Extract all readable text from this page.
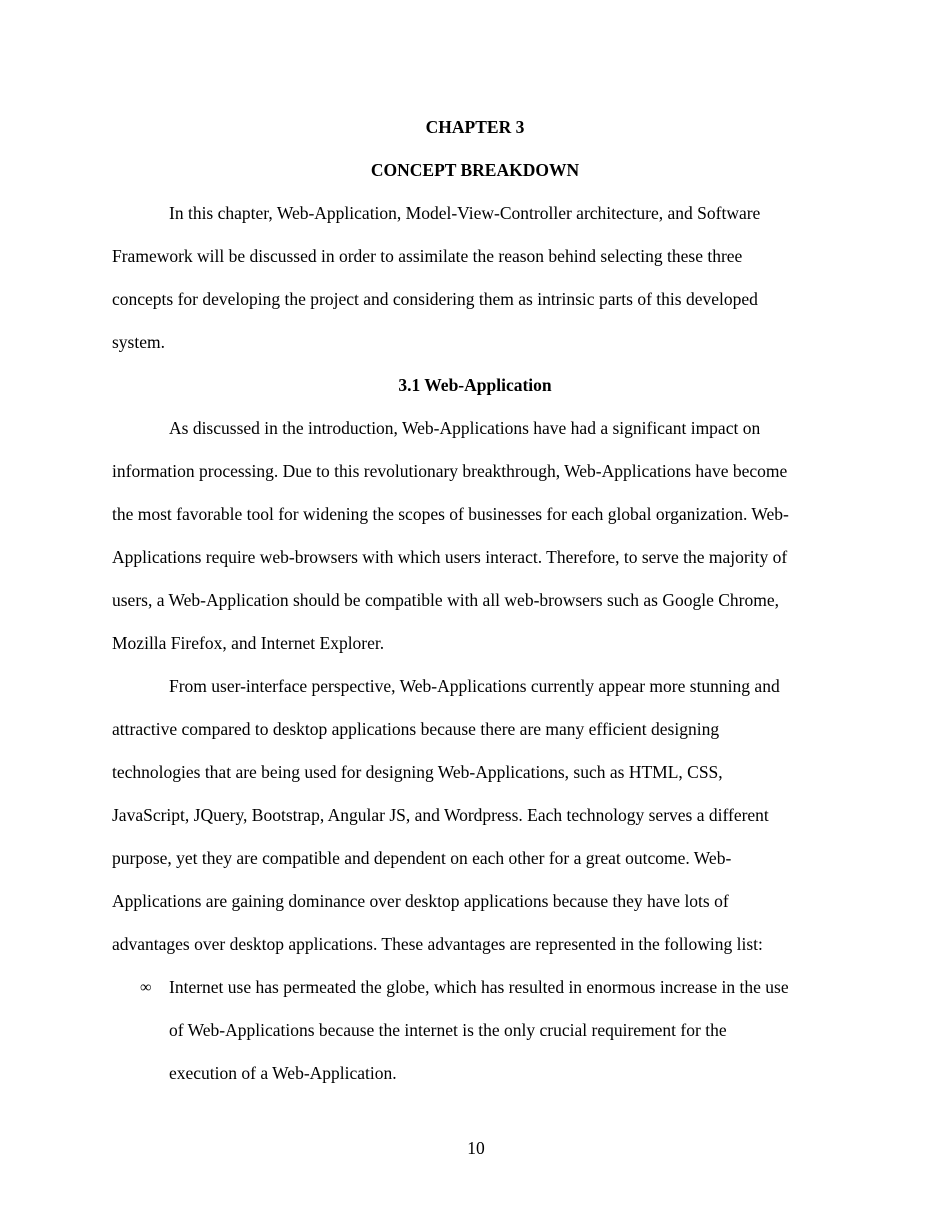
CHAPTER 3
CONCEPT BREAKDOWN
In this chapter, Web-Application, Model-View-Controller architecture, and Software
Framework will be discussed in order to assimilate the reason behind selecting these three
concepts for developing the project and considering them as intrinsic parts of this developed
system.
3.1 Web-Application
As discussed in the introduction, Web-Applications have had a significant impact on
information processing. Due to this revolutionary breakthrough, Web-Applications have become
the most favorable tool for widening the scopes of businesses for each global organization. Web-
Applications require web-browsers with which users interact. Therefore, to serve the majority of
users, a Web-Application should be compatible with all web-browsers such as Google Chrome,
Mozilla Firefox, and Internet Explorer.
From user-interface perspective, Web-Applications currently appear more stunning and
attractive compared to desktop applications because there are many efficient designing
technologies that are being used for designing Web-Applications, such as HTML, CSS,
JavaScript, JQuery, Bootstrap, Angular JS, and Wordpress. Each technology serves a different
purpose, yet they are compatible and dependent on each other for a great outcome. Web-
Applications are gaining dominance over desktop applications because they have lots of
advantages over desktop applications. These advantages are represented in the following list:
∞ Internet use has permeated the globe, which has resulted in enormous increase in the use
of Web-Applications because the internet is the only crucial requirement for the
execution of a Web-Application.
10
